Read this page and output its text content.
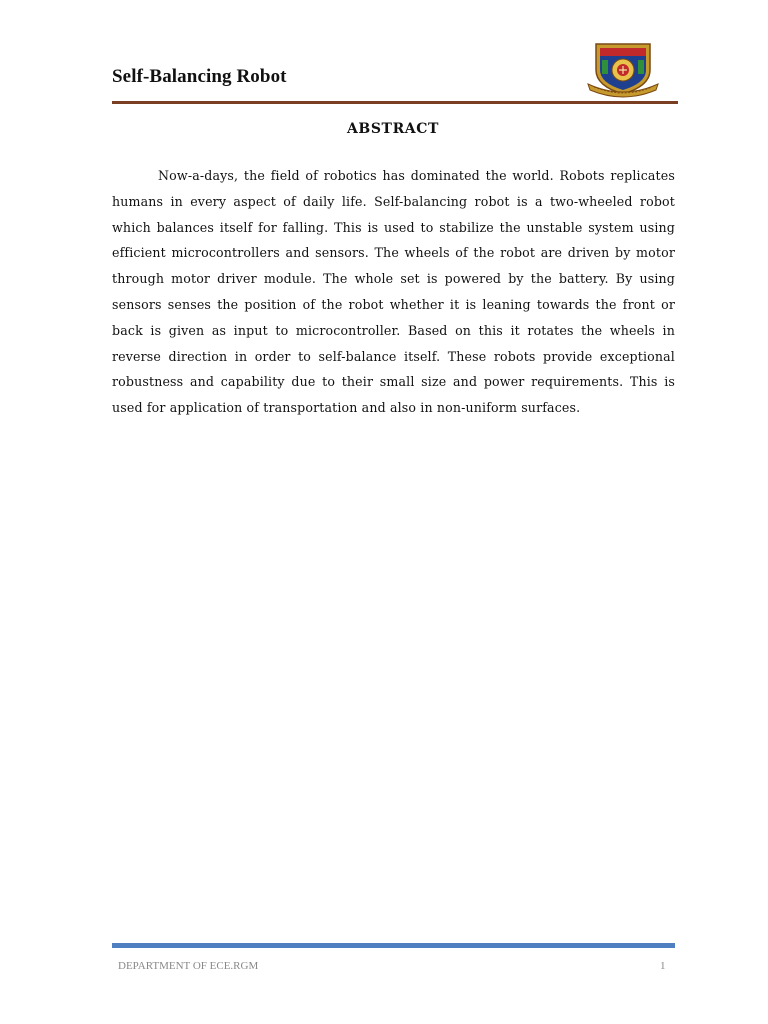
Self-Balancing Robot
ABSTRACT

Now-a-days, the field of robotics has dominated the world. Robots replicates humans in every aspect of daily life. Self-balancing robot is a two-wheeled robot which balances itself for falling. This is used to stabilize the unstable system using efficient microcontrollers and sensors. The wheels of the robot are driven by motor through motor driver module. The whole set is powered by the battery. By using sensors senses the position of the robot whether it is leaning towards the front or back is given as input to microcontroller. Based on this it rotates the wheels in reverse direction in order to self-balance itself. These robots provide exceptional robustness and capability due to their small size and power requirements. This is used for application of transportation and also in non-uniform surfaces.

DEPARTMENT OF ECE.RGM	1
